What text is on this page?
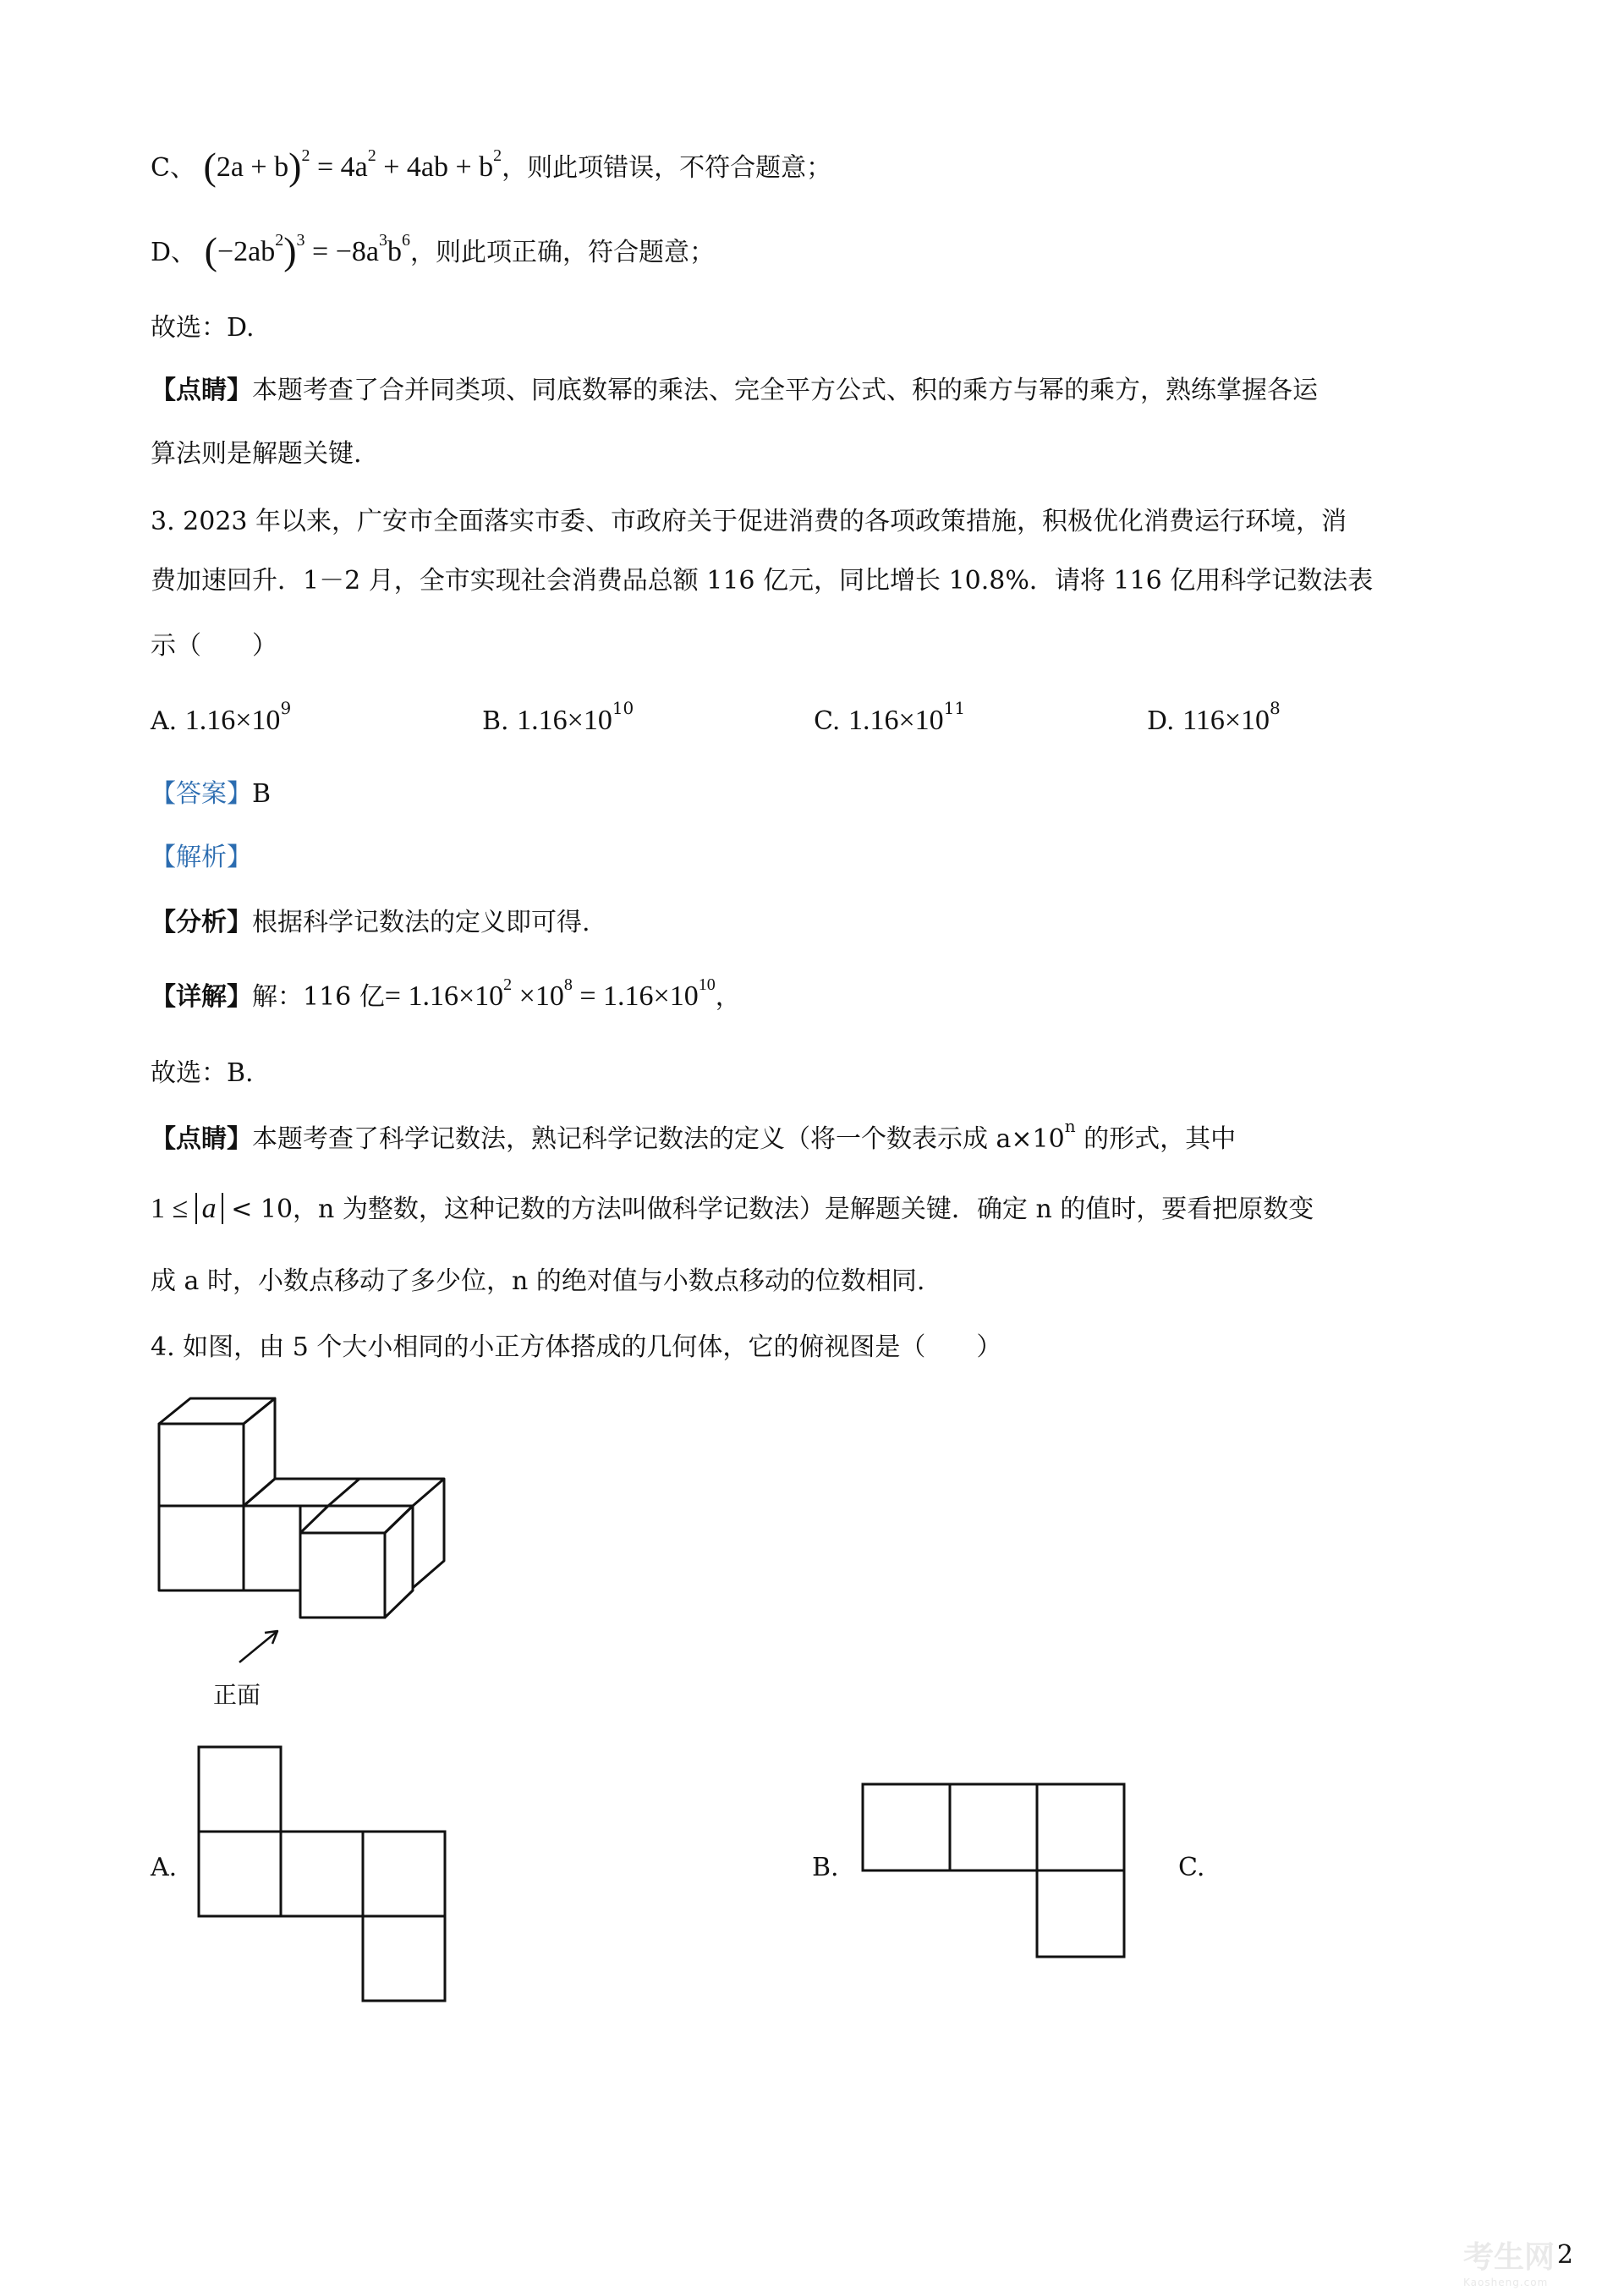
C、 $(2a + b)^2 = 4a^2 + 4ab + b^2$，则此项错误，不符合题意；
D、 $(-2ab^2)^3 = -8a^3b^6$，则此项正确，符合题意；
故选：D.
【点睛】本题考查了合并同类项、同底数幂的乘法、完全平方公式、积的乘方与幂的乘方，熟练掌握各运
算法则是解题关键.
3. 2023 年以来，广安市全面落实市委、市政府关于促进消费的各项政策措施，积极优化消费运行环境，消
费加速回升．1－2 月，全市实现社会消费品总额 116 亿元，同比增长 10.8%．请将 116 亿用科学记数法表
示（　　）
A. $1.16\times 10^9$	B. $1.16\times 10^{10}$	C. $1.16\times 10^{11}$	D. $116\times 10^8$
【答案】B
【解析】
【分析】根据科学记数法的定义即可得.
【详解】解：116 亿= $1.16\times 10^2 \times 10^8 = 1.16\times 10^{10}$，
故选：B.
【点睛】本题考查了科学记数法，熟记科学记数法的定义（将一个数表示成 $a\times 10^n$ 的形式，其中
1 ≤ a < 10，n 为整数，这种记数的方法叫做科学记数法）是解题关键．确定 n 的值时，要看把原数变
成 a 时，小数点移动了多少位，n 的绝对值与小数点移动的位数相同.
4. 如图，由 5 个大小相同的小正方体搭成的几何体，它的俯视图是（　　）
正面
A.	B.	C.
2
考生网
Kaosheng.com
